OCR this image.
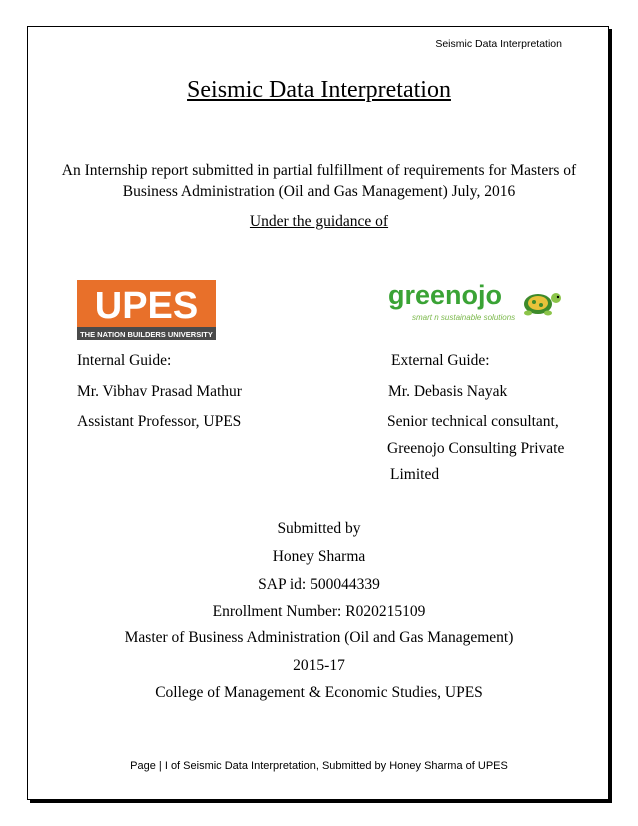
Seismic Data Interpretation
Seismic Data Interpretation
An Internship report submitted in partial fulfillment of requirements for Masters of Business Administration (Oil and Gas Management) July, 2016
Under the guidance of
UPES
THE NATION BUILDERS UNIVERSITY
greenojo
smart n sustainable solutions
Internal Guide:
Mr. Vibhav Prasad Mathur
Assistant Professor, UPES
External Guide:
Mr. Debasis Nayak
Senior technical consultant,
Greenojo Consulting Private
Limited
Submitted by
Honey Sharma
SAP id: 500044339
Enrollment Number: R020215109
Master of Business Administration (Oil and Gas Management)
2015-17
College of Management & Economic Studies, UPES
Page | I of Seismic Data Interpretation, Submitted by Honey Sharma of UPES
